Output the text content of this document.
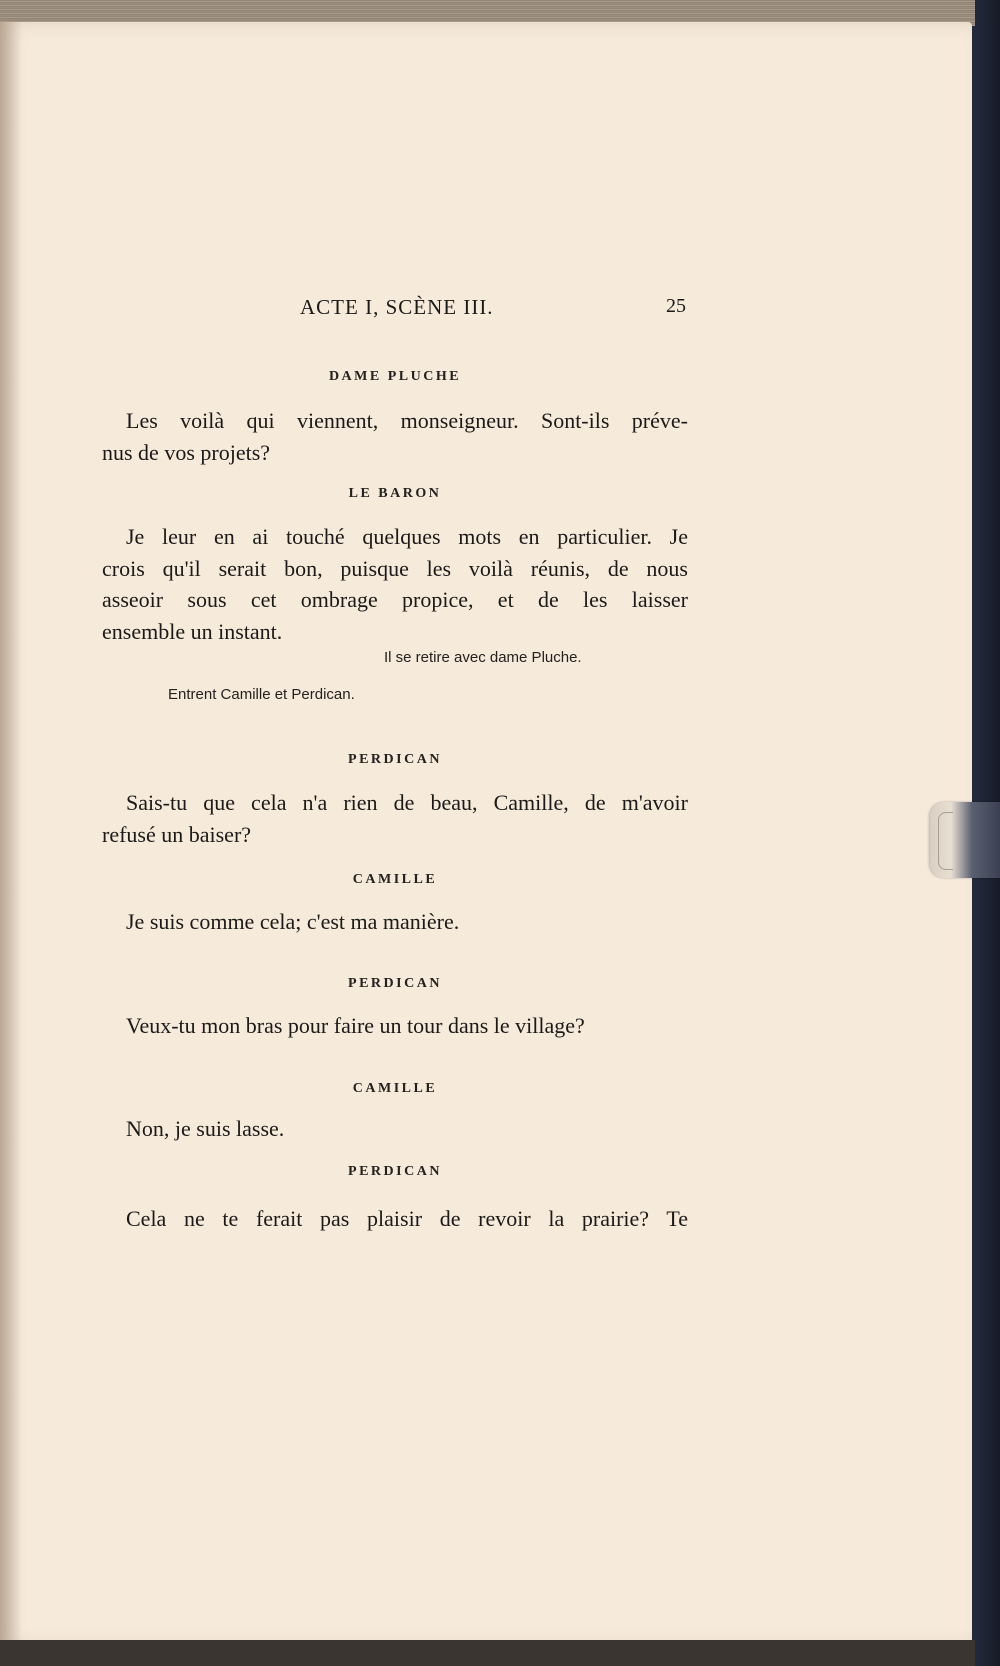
ACTE I, SCÈNE III.	25
DAME PLUCHE
Les voilà qui viennent, monseigneur. Sont-ils préve-
nus de vos projets?
LE BARON
Je leur en ai touché quelques mots en particulier. Je
crois qu'il serait bon, puisque les voilà réunis, de nous
asseoir sous cet ombrage propice, et de les laisser
ensemble un instant.
Il se retire avec dame Pluche.
Entrent Camille et Perdican.
PERDICAN
Sais-tu que cela n'a rien de beau, Camille, de m'avoir
refusé un baiser?
CAMILLE
Je suis comme cela; c'est ma manière.
PERDICAN
Veux-tu mon bras pour faire un tour dans le village?
CAMILLE
Non, je suis lasse.
PERDICAN
Cela ne te ferait pas plaisir de revoir la prairie? Te
